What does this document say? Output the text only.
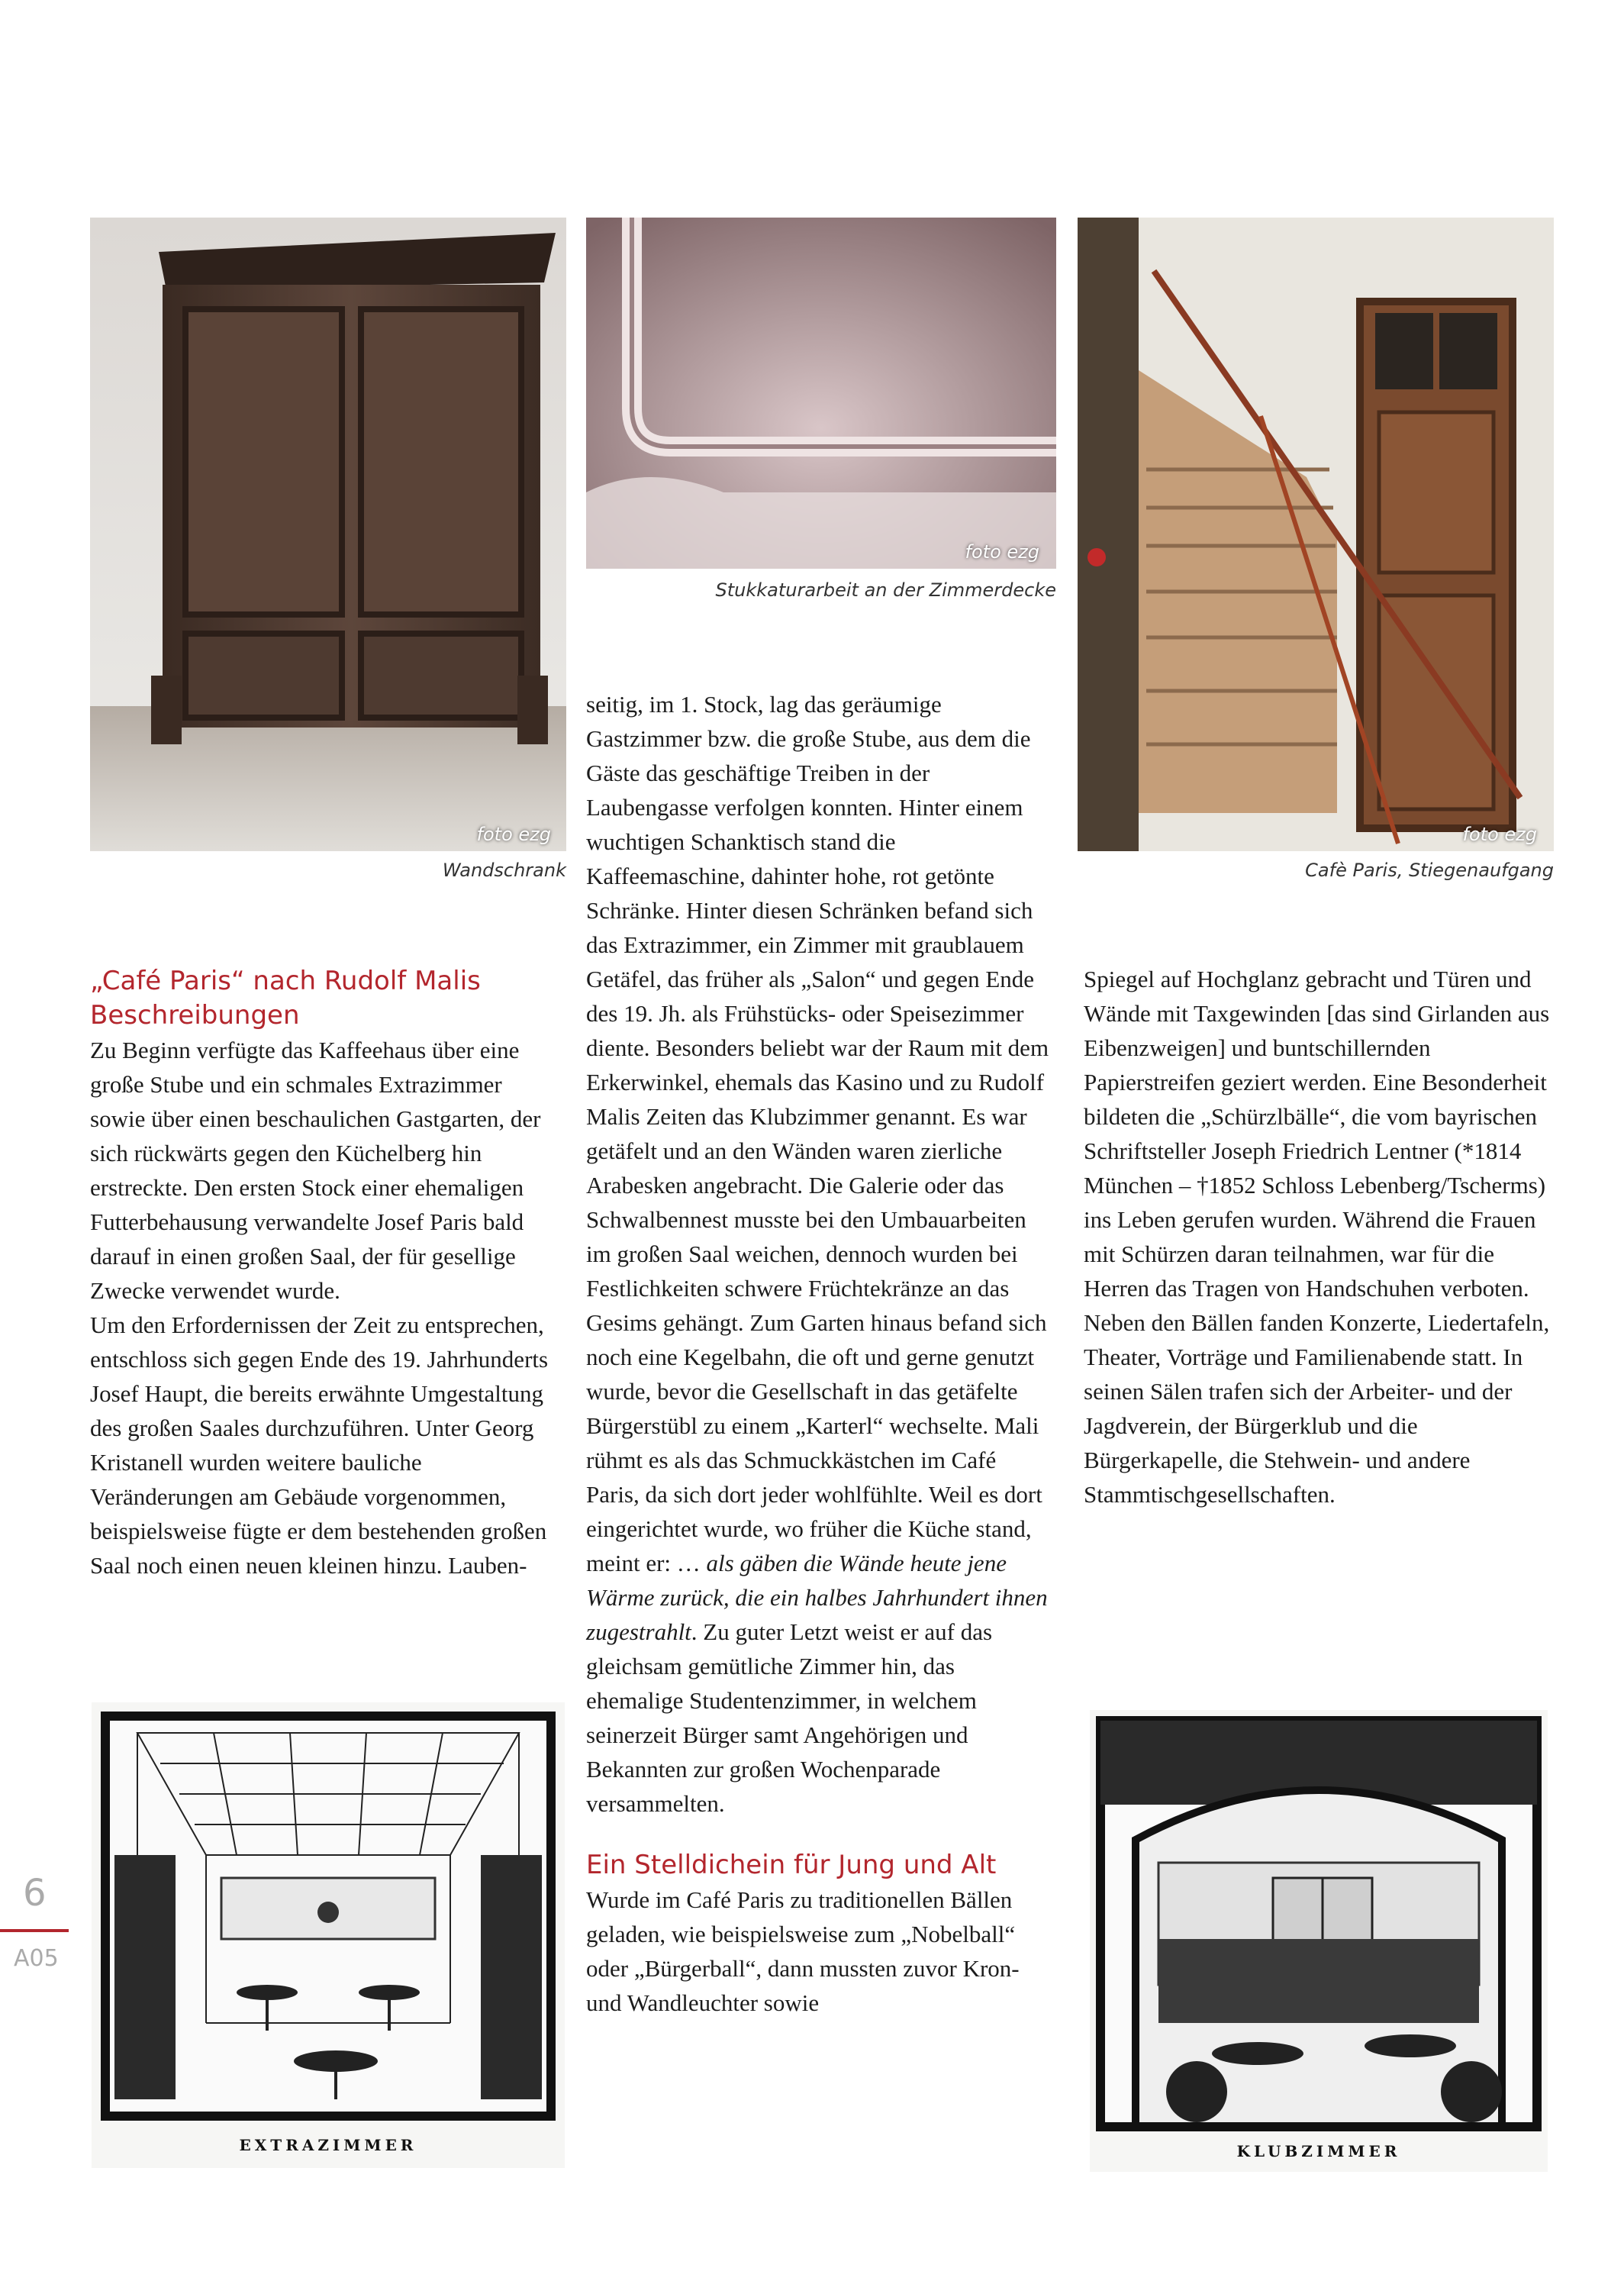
foto ezg
Wandschrank
foto ezg
Stukkaturarbeit an der Zimmerdecke
foto ezg
Cafè Paris, Stiegenaufgang
„Café Paris“ nach Rudolf Malis
Beschreibungen

Zu Beginn verfügte das Kaffeehaus über eine große Stube und ein schmales Extrazimmer sowie über einen beschaulichen Gastgarten, der sich rückwärts gegen den Küchelberg hin erstreckte. Den ersten Stock einer ehemaligen Futterbehausung verwandelte Josef Paris bald darauf in einen großen Saal, der für gesellige Zwecke verwendet wurde.

Um den Erfordernissen der Zeit zu entsprechen, entschloss sich gegen Ende des 19. Jahrhunderts Josef Haupt, die bereits erwähnte Umgestaltung des großen Saales durchzuführen. Unter Georg Kristanell wurden weitere bauliche Veränderungen am Gebäude vorgenommen, beispielsweise fügte er dem bestehenden großen Saal noch einen neuen kleinen hinzu. Lauben-

seitig, im 1. Stock, lag das geräumige Gastzimmer bzw. die große Stube, aus dem die Gäste das geschäftige Treiben in der Laubengasse verfolgen konnten. Hinter einem wuchtigen Schanktisch stand die Kaffeemaschine, dahinter hohe, rot getönte Schränke. Hinter diesen Schränken befand sich das Extrazimmer, ein Zimmer mit graublauem Getäfel, das früher als „Salon“ und gegen Ende des 19. Jh. als Frühstücks- oder Speisezimmer diente. Besonders beliebt war der Raum mit dem Erkerwinkel, ehemals das Kasino und zu Rudolf Malis Zeiten das Klubzimmer genannt. Es war getäfelt und an den Wänden waren zierliche Arabesken angebracht. Die Galerie oder das Schwalbennest musste bei den Umbauarbeiten im großen Saal weichen, dennoch wurden bei Festlichkeiten schwere Früchtekränze an das Gesims gehängt. Zum Garten hinaus befand sich noch eine Kegelbahn, die oft und gerne genutzt wurde, bevor die Gesellschaft in das getäfelte Bürgerstübl zu einem „Karterl“ wechselte. Mali rühmt es als das Schmuckkästchen im Café Paris, da sich dort jeder wohlfühlte. Weil es dort eingerichtet wurde, wo früher die Küche stand, meint er: … als gäben die Wände heute jene Wärme zurück, die ein halbes Jahrhundert ihnen zugestrahlt. Zu guter Letzt weist er auf das gleichsam gemütliche Zimmer hin, das ehemalige Studentenzimmer, in welchem seinerzeit Bürger samt Angehörigen und Bekannten zur großen Wochenparade versammelten.

Ein Stelldichein für Jung und Alt

Wurde im Café Paris zu traditionellen Bällen geladen, wie beispielsweise zum „Nobelball“ oder „Bürgerball“, dann mussten zuvor Kron- und Wandleuchter sowie

Spiegel auf Hochglanz gebracht und Türen und Wände mit Taxgewinden [das sind Girlanden aus Eibenzweigen] und buntschillernden Papierstreifen geziert werden. Eine Besonderheit bildeten die „Schürzlbälle“, die vom bayrischen Schriftsteller Joseph Friedrich Lentner (*1814 München – †1852 Schloss Lebenberg/Tscherms) ins Leben gerufen wurden. Während die Frauen mit Schürzen daran teilnahmen, war für die Herren das Tragen von Handschuhen verboten. Neben den Bällen fanden Konzerte, Liedertafeln, Theater, Vorträge und Familienabende statt. In seinen Sälen trafen sich der Arbeiter- und der Jagdverein, der Bürgerklub und die Bürgerkapelle, die Stehwein- und andere Stammtischgesellschaften.

EXTRAZIMMER	KLUBZIMMER
6
A05
